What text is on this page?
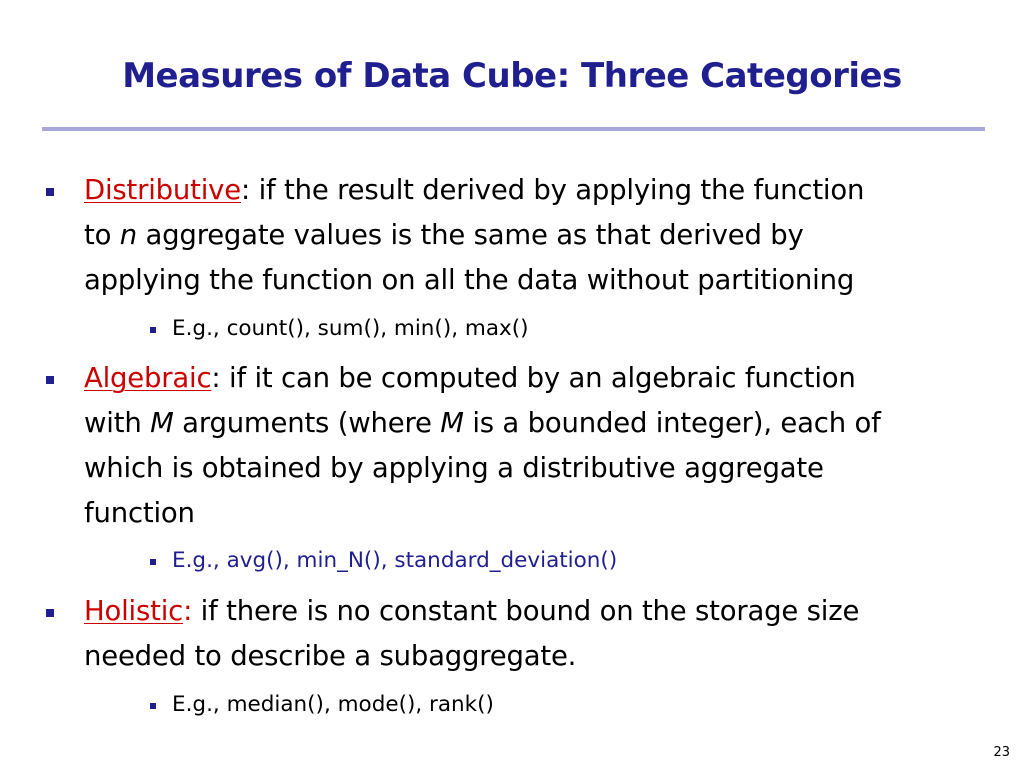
Measures of Data Cube: Three Categories
Distributive: if the result derived by applying the function
to n aggregate values is the same as that derived by
applying the function on all the data without partitioning
E.g., count(), sum(), min(), max()
Algebraic: if it can be computed by an algebraic function
with M arguments (where M is a bounded integer), each of
which is obtained by applying a distributive aggregate
function
E.g., avg(), min_N(), standard_deviation()
Holistic: if there is no constant bound on the storage size
needed to describe a subaggregate.
E.g., median(), mode(), rank()
23
